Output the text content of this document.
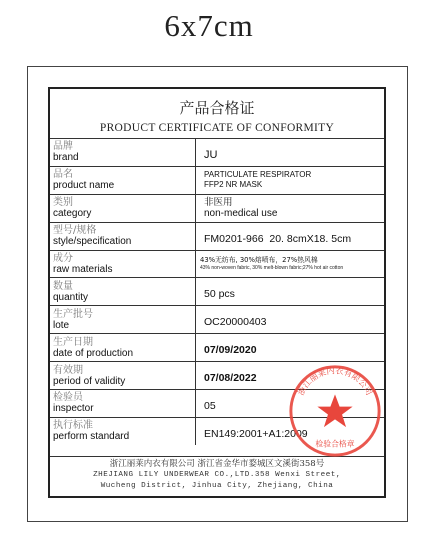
6x7cm
产品合格证
PRODUCT CERTIFICATE OF CONFORMITY
品牌
brand	JU

品名
product name	PARTICULATE RESPIRATOR
FFP2 NR MASK

类别
category	非医用
non-medical use

型号/规格
style/specification	FM0201-966  20. 8cmX18. 5cm

成分
raw materials	43%无纺布, 30%熔喷布，27%热风棉
43% non-woven fabric, 30% melt-blown fabric;27% hot air cotton

数量
quantity	50 pcs

生产批号
lote	OC20000403

生产日期
date of production	07/09/2020

有效期
period of validity	07/08/2022

检验员
inspector	05

执行标准
perform standard	EN149:2001+A1:2009
浙江丽莱内衣有限公司 浙江省金华市婺城区文溪街358号
ZHEJIANG LILY UNDERWEAR CO.,LTD.358 Wenxi Street,
Wucheng District, Jinhua City, Zhejiang, China
浙江丽莱内衣有限公司
检验合格章
